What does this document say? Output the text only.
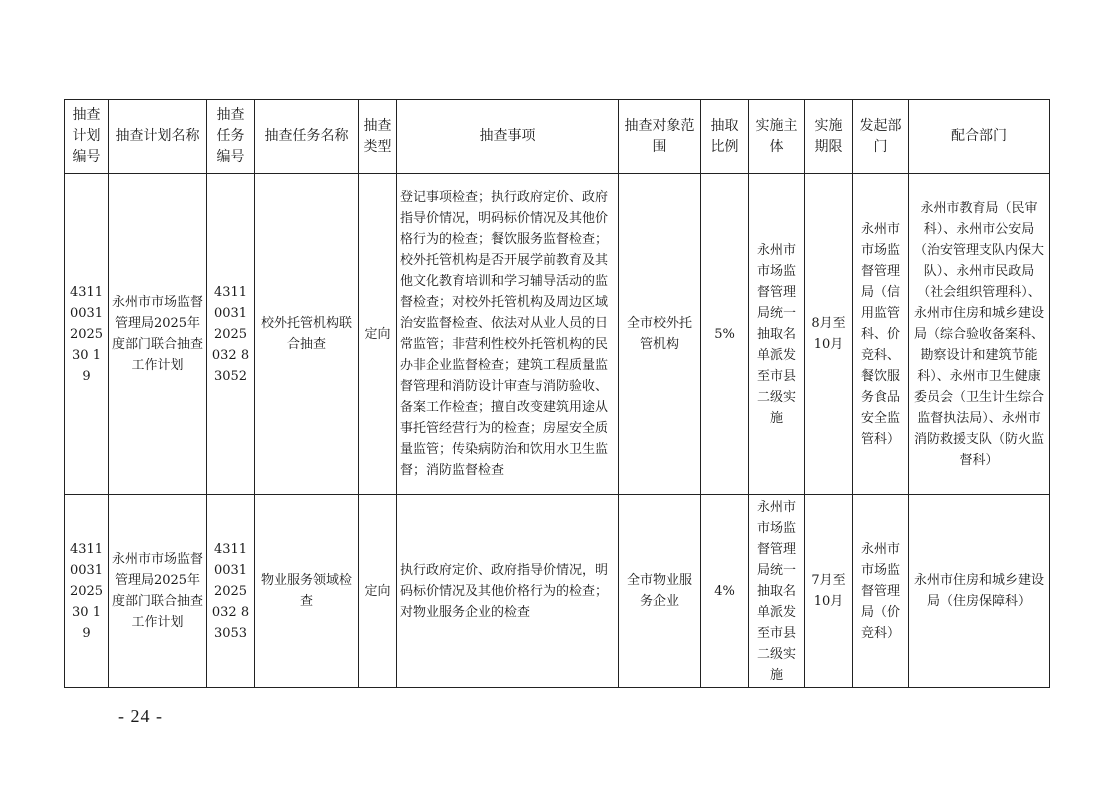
抽查计划编号	抽查计划名称	抽查任务编号	抽查任务名称	抽查类型	抽查事项	抽查对象范围	抽取比例	实施主体	实施期限	发起部门	配合部门
43110031202530 19	永州市市场监督管理局2025年度部门联合抽查工作计划	431100312025032 83052	校外托管机构联合抽查	定向	登记事项检查；执行政府定价、政府指导价情况，明码标价情况及其他价格行为的检查；餐饮服务监督检查；校外托管机构是否开展学前教育及其他文化教育培训和学习辅导活动的监督检查；对校外托管机构及周边区域治安监督检查、依法对从业人员的日常监管；非营利性校外托管机构的民办非企业监督检查；建筑工程质量监督管理和消防设计审查与消防验收、备案工作检查；擅自改变建筑用途从事托管经营行为的检查；房屋安全质量监管；传染病防治和饮用水卫生监督；消防监督检查	全市校外托管机构	5%	永州市市场监督管理局统一抽取名单派发至市县二级实施	8月至10月	永州市市场监督管理局（信用监管科、价竞科、餐饮服务食品安全监管科）	永州市教育局（民审科）、永州市公安局（治安管理支队内保大队）、永州市民政局（社会组织管理科）、永州市住房和城乡建设局（综合验收备案科、勘察设计和建筑节能科）、永州市卫生健康委员会（卫生计生综合监督执法局）、永州市消防救援支队（防火监督科）
43110031202530 19	永州市市场监督管理局2025年度部门联合抽查工作计划	431100312025032 83053	物业服务领域检查	定向	执行政府定价、政府指导价情况，明码标价情况及其他价格行为的检查；对物业服务企业的检查	全市物业服务企业	4%	永州市市场监督管理局统一抽取名单派发至市县二级实施	7月至10月	永州市市场监督管理局（价竞科）	永州市住房和城乡建设局（住房保障科）
- 24 -
